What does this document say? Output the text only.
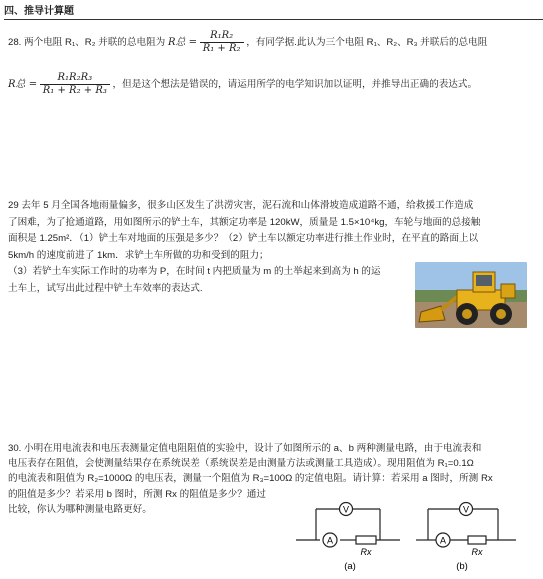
四、推导计算题
28. 两个电阻 R₁、R₂ 并联的总电阻为 R总 = $\frac{\text{R₁R₂}}{\text{R₁ + R₂}}$ ，有同学据.此认为三个电阻 R₁、R₂、R₃ 并联后的总电阻
R总 = $\frac{\text{R₁R₂R₃}}{\text{R₁ + R₂ + R₃}}$ ，但是这个想法是错误的，请运用所学的电学知识加以证明，并推导出正确的表达式。
29 去年 5 月全国各地雨量偏多，很多山区发生了洪涝灾害，泥石流和山体滑坡造成道路不通，给救援工作造成
了困难，为了抢通道路，用如图所示的铲土车，其额定功率是 120kW，质量是 1.5×10⁴kg，车轮与地面的总接触
面积是 1.25m²．（1）铲土车对地面的压强是多少？（2）铲土车以额定功率进行推土作业时，在平直的路面上以
5km/h 的速度前进了 1km．求铲土车所做的功和受到的阻力；
（3）若铲土车实际工作时的功率为 P，在时间 t 内把质量为 m 的土举起来到高为 h 的运
土车上，试写出此过程中铲土车效率的表达式.
30. 小明在用电流表和电压表测量定值电阻阻值的实验中，设计了如图所示的 a、b 两种测量电路，由于电流表和
电压表存在阻值，会使测量结果存在系统误差（系统误差是由测量方法或测量工具造成）。现用阻值为 R₁=0.1Ω
的电流表和阻值为 R₂=1000Ω 的电压表，测量一个阻值为 R₃=100Ω 的定值电阻。请计算：若采用 a 图时，所测 Rx
的阻值是多少？若采用 b 图时，所测 Rx 的阻值是多少？通过
比较，你认为哪种测量电路更好。	V
A
Rx
(a)
V
A
Rx
(b)
